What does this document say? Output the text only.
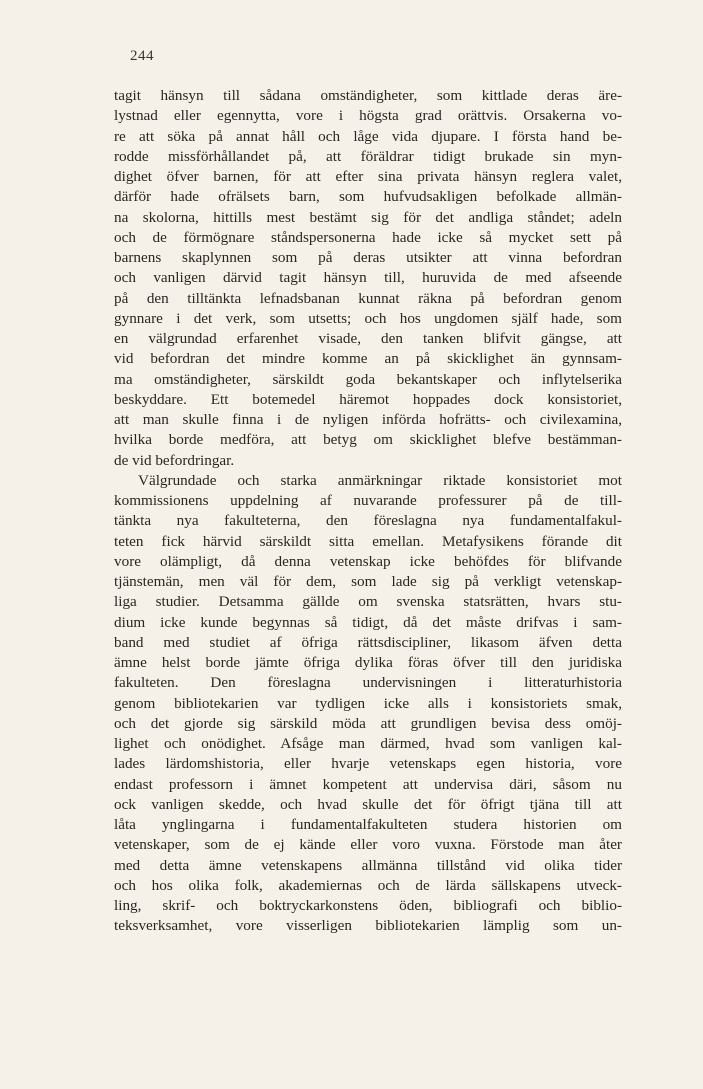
244
tagit hänsyn till sådana omständigheter, som kittlade deras äre-
lystnad eller egennytta, vore i högsta grad orättvis. Orsakerna vo-
re att söka på annat håll och låge vida djupare. I första hand be-
rodde missförhållandet på, att föräldrar tidigt brukade sin myn-
dighet öfver barnen, för att efter sina privata hänsyn reglera valet,
därför hade ofrälsets barn, som hufvudsakligen befolkade allmän-
na skolorna, hittills mest bestämt sig för det andliga ståndet; adeln
och de förmögnare ståndspersonerna hade icke så mycket sett på
barnens skaplynnen som på deras utsikter att vinna befordran
och vanligen därvid tagit hänsyn till, huruvida de med afseende
på den tilltänkta lefnadsbanan kunnat räkna på befordran genom
gynnare i det verk, som utsetts; och hos ungdomen själf hade, som
en välgrundad erfarenhet visade, den tanken blifvit gängse, att
vid befordran det mindre komme an på skicklighet än gynnsam-
ma omständigheter, särskildt goda bekantskaper och inflytelserika
beskyddare. Ett botemedel häremot hoppades dock konsistoriet,
att man skulle finna i de nyligen införda hofrätts- och civilexamina,
hvilka borde medföra, att betyg om skicklighet blefve bestämman-
de vid befordringar.
Välgrundade och starka anmärkningar riktade konsistoriet mot
kommissionens uppdelning af nuvarande professurer på de till-
tänkta nya fakulteterna, den föreslagna nya fundamentalfakul-
teten fick härvid särskildt sitta emellan. Metafysikens förande dit
vore olämpligt, då denna vetenskap icke behöfdes för blifvande
tjänstemän, men väl för dem, som lade sig på verkligt vetenskap-
liga studier. Detsamma gällde om svenska statsrätten, hvars stu-
dium icke kunde begynnas så tidigt, då det måste drifvas i sam-
band med studiet af öfriga rättsdiscipliner, likasom äfven detta
ämne helst borde jämte öfriga dylika föras öfver till den juridiska
fakulteten. Den föreslagna undervisningen i litteraturhistoria
genom bibliotekarien var tydligen icke alls i konsistoriets smak,
och det gjorde sig särskild möda att grundligen bevisa dess omöj-
lighet och onödighet. Afsåge man därmed, hvad som vanligen kal-
lades lärdomshistoria, eller hvarje vetenskaps egen historia, vore
endast professorn i ämnet kompetent att undervisa däri, såsom nu
ock vanligen skedde, och hvad skulle det för öfrigt tjäna till att
låta ynglingarna i fundamentalfakulteten studera historien om
vetenskaper, som de ej kände eller voro vuxna. Förstode man åter
med detta ämne vetenskapens allmänna tillstånd vid olika tider
och hos olika folk, akademiernas och de lärda sällskapens utveck-
ling, skrif- och boktryckarkonstens öden, bibliografi och biblio-
teksverksamhet, vore visserligen bibliotekarien lämplig som un-
